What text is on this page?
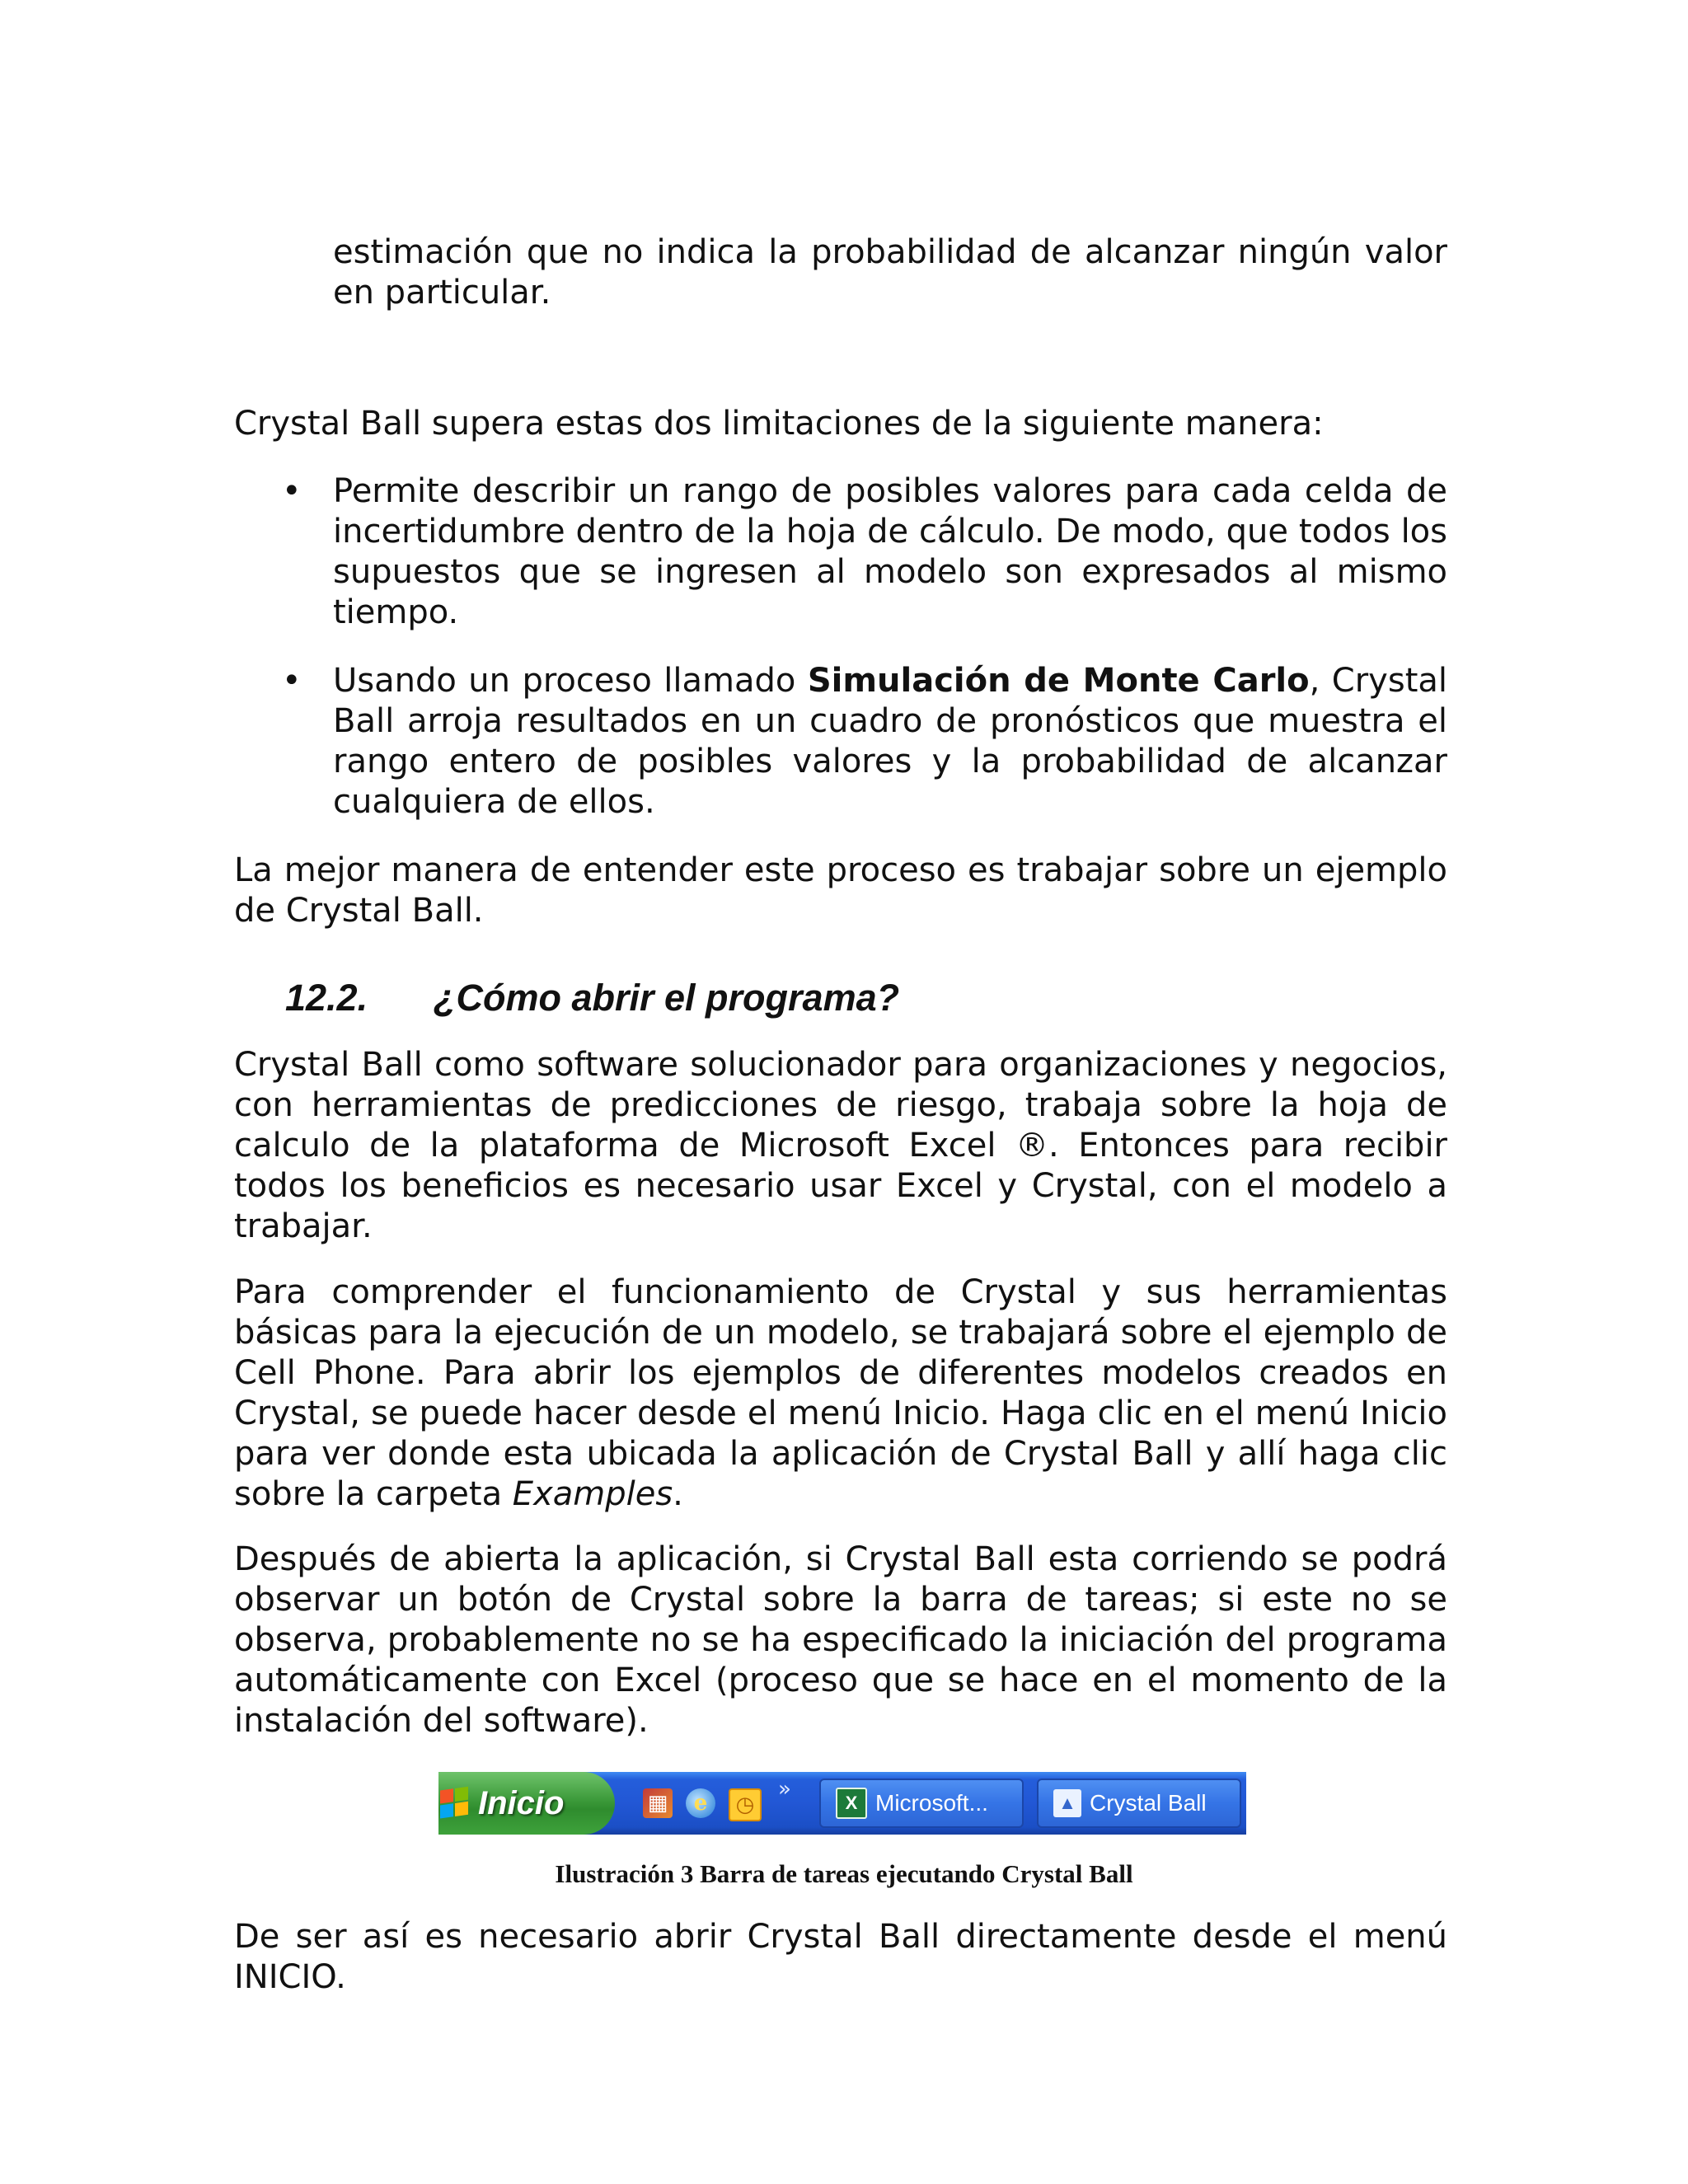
estimación que no indica la probabilidad de alcanzar ningún valor en particular.

Crystal Ball supera estas dos limitaciones de la siguiente manera:

• Permite describir un rango de posibles valores para cada celda de incertidumbre dentro de la hoja de cálculo. De modo, que todos los supuestos que se ingresen al modelo son expresados al mismo tiempo.
• Usando un proceso llamado Simulación de Monte Carlo, Crystal Ball arroja resultados en un cuadro de pronósticos que muestra el rango entero de posibles valores y la probabilidad de alcanzar cualquiera de ellos.

La mejor manera de entender este proceso es trabajar sobre un ejemplo de Crystal Ball.

12.2. ¿Cómo abrir el programa?

Crystal Ball como software solucionador para organizaciones y negocios, con herramientas de predicciones de riesgo, trabaja sobre la hoja de calculo de la plataforma de Microsoft Excel ®. Entonces para recibir todos los beneficios es necesario usar Excel y Crystal, con el modelo a trabajar.

Para comprender el funcionamiento de Crystal y sus herramientas básicas para la ejecución de un modelo, se trabajará sobre el ejemplo de Cell Phone. Para abrir los ejemplos de diferentes modelos creados en Crystal, se puede hacer desde el menú Inicio. Haga clic en el menú Inicio para ver donde esta ubicada la aplicación de Crystal Ball y allí haga clic sobre la carpeta Examples.

Después de abierta la aplicación, si Crystal Ball esta corriendo se podrá observar un botón de Crystal sobre la barra de tareas; si este no se observa, probablemente no se ha especificado la iniciación del programa automáticamente con Excel (proceso que se hace en el momento de la instalación del software).

Inicio	▦	e	◷
»
X Microsoft...	▲ Crystal Ball

Ilustración 3 Barra de tareas ejecutando Crystal Ball

De ser así es necesario abrir Crystal Ball directamente desde el menú INICIO.
